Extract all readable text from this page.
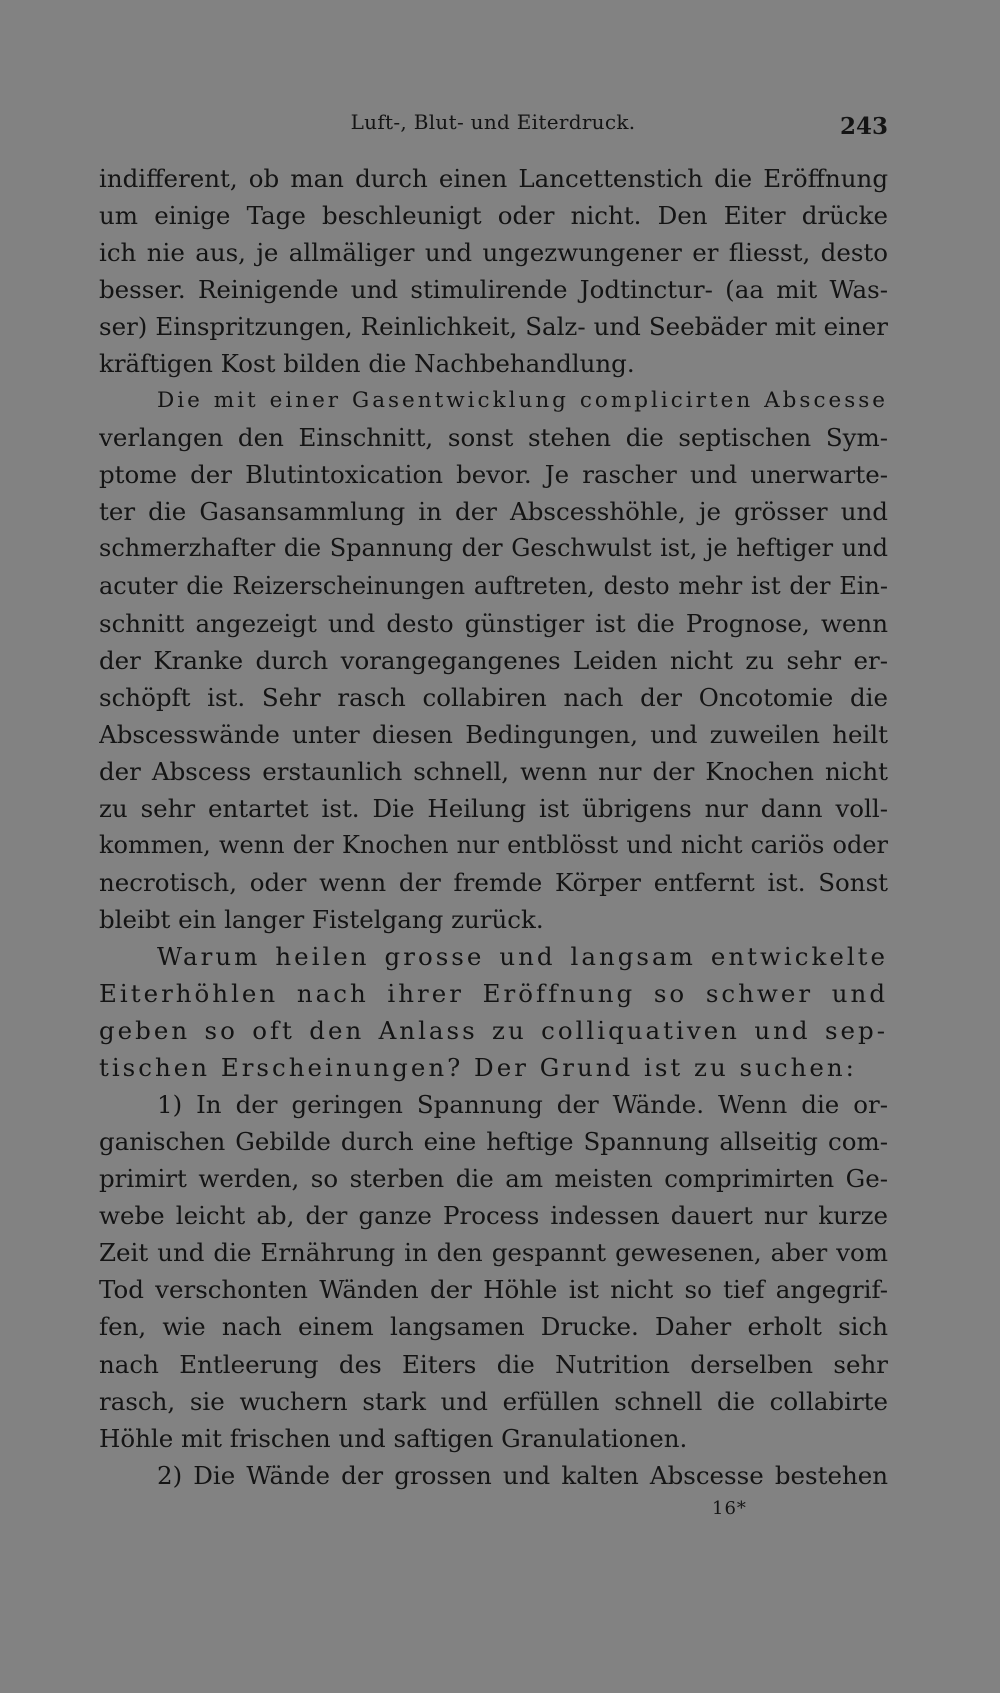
Luft-, Blut- und Eiterdruck.	243
indifferent, ob man durch einen Lancettenstich die Eröffnung
um einige Tage beschleunigt oder nicht. Den Eiter drücke
ich nie aus, je allmäliger und ungezwungener er fliesst, desto
besser. Reinigende und stimulirende Jodtinctur- (aa mit Was-
ser) Einspritzungen, Reinlichkeit, Salz- und Seebäder mit einer
kräftigen Kost bilden die Nachbehandlung.
Die mit einer Gasentwicklung complicirten Abscesse
verlangen den Einschnitt, sonst stehen die septischen Sym-
ptome der Blutintoxication bevor. Je rascher und unerwarte-
ter die Gasansammlung in der Abscesshöhle, je grösser und
schmerzhafter die Spannung der Geschwulst ist, je heftiger und
acuter die Reizerscheinungen auftreten, desto mehr ist der Ein-
schnitt angezeigt und desto günstiger ist die Prognose, wenn
der Kranke durch vorangegangenes Leiden nicht zu sehr er-
schöpft ist. Sehr rasch collabiren nach der Oncotomie die
Abscesswände unter diesen Bedingungen, und zuweilen heilt
der Abscess erstaunlich schnell, wenn nur der Knochen nicht
zu sehr entartet ist. Die Heilung ist übrigens nur dann voll-
kommen, wenn der Knochen nur entblösst und nicht cariös oder
necrotisch, oder wenn der fremde Körper entfernt ist. Sonst
bleibt ein langer Fistelgang zurück.
Warum heilen grosse und langsam entwickelte
Eiterhöhlen nach ihrer Eröffnung so schwer und
geben so oft den Anlass zu colliquativen und sep-
tischen Erscheinungen? Der Grund ist zu suchen:
1) In der geringen Spannung der Wände. Wenn die or-
ganischen Gebilde durch eine heftige Spannung allseitig com-
primirt werden, so sterben die am meisten comprimirten Ge-
webe leicht ab, der ganze Process indessen dauert nur kurze
Zeit und die Ernährung in den gespannt gewesenen, aber vom
Tod verschonten Wänden der Höhle ist nicht so tief angegrif-
fen, wie nach einem langsamen Drucke. Daher erholt sich
nach Entleerung des Eiters die Nutrition derselben sehr
rasch, sie wuchern stark und erfüllen schnell die collabirte
Höhle mit frischen und saftigen Granulationen.
2) Die Wände der grossen und kalten Abscesse bestehen
16*
